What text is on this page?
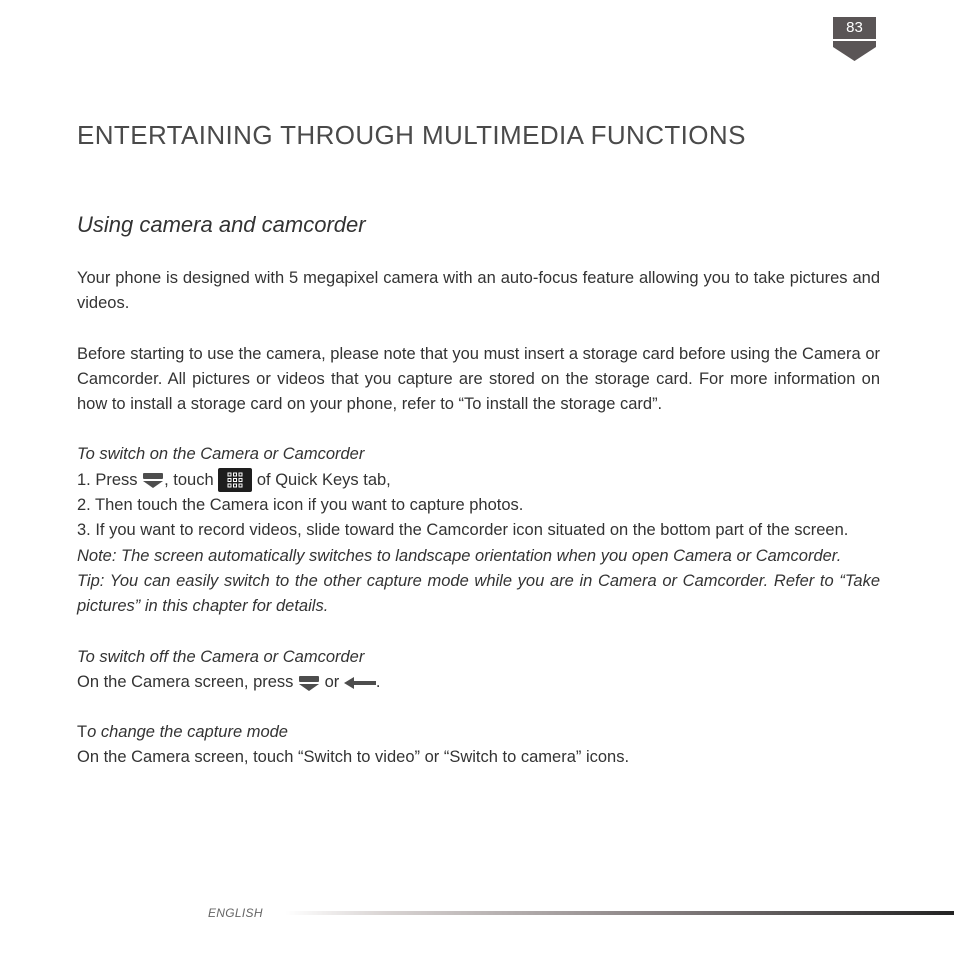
83
ENTERTAINING THROUGH MULTIMEDIA FUNCTIONS
Using camera and camcorder

Your phone is designed with 5 megapixel camera with an auto-focus feature allowing you to take pictures and videos.

Before starting to use the camera, please note that you must insert a storage card before using the Camera or Camcorder. All pictures or videos that you capture are stored on the storage card. For more information on how to install a storage card on your phone, refer to “To install the storage card”.

To switch on the Camera or Camcorder

1. Press , touch	of Quick Keys tab,

2. Then touch the Camera icon if you want to capture photos.

3. If you want to record videos, slide toward the Camcorder icon situated on the bottom part of the screen.

Note: The screen automatically switches to landscape orientation when you open Camera or Camcorder.

Tip: You can easily switch to the other capture mode while you are in Camera or Camcorder. Refer to “Take pictures” in this chapter for details.

To switch off the Camera or Camcorder

On the Camera screen, press or .

To change the capture mode

On the Camera screen, touch “Switch to video” or “Switch to camera” icons.

ENGLISH
